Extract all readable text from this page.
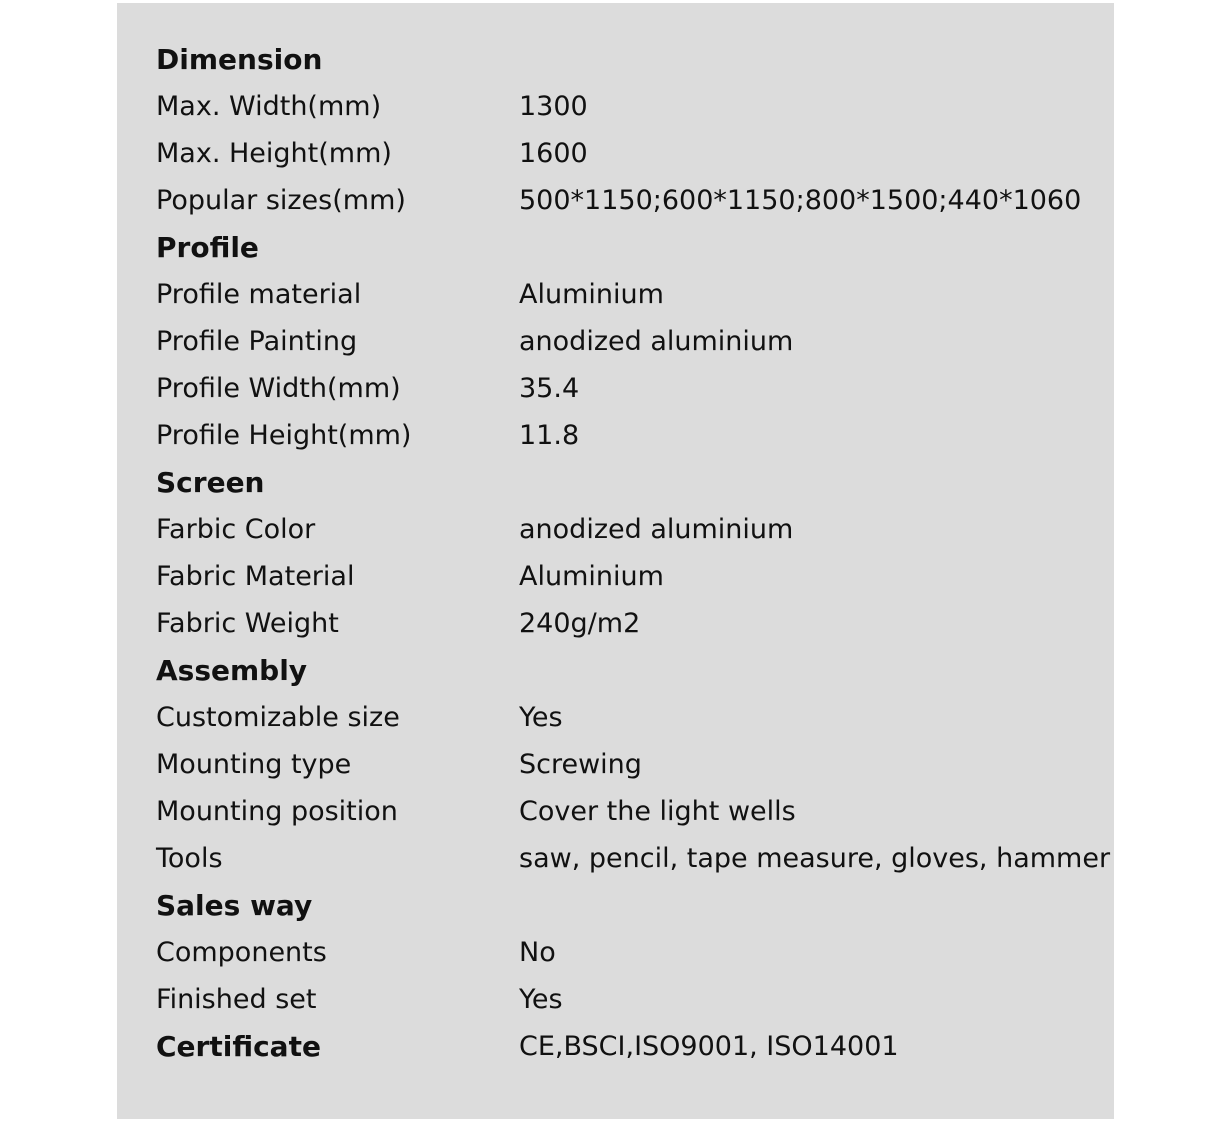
Dimension
Max. Width(mm)	1300
Max. Height(mm)	1600
Popular sizes(mm)	500*1150;600*1150;800*1500;440*1060
Profile
Profile material	Aluminium
Profile Painting	anodized aluminium
Profile Width(mm)	35.4
Profile Height(mm)	11.8
Screen
Farbic Color	anodized aluminium
Fabric Material	Aluminium
Fabric Weight	240g/m2
Assembly
Customizable size	Yes
Mounting type	Screwing
Mounting position	Cover the light wells
Tools	saw, pencil, tape measure, gloves, hammer
Sales way
Components	No
Finished set	Yes
Certificate	CE,BSCI,ISO9001, ISO14001
